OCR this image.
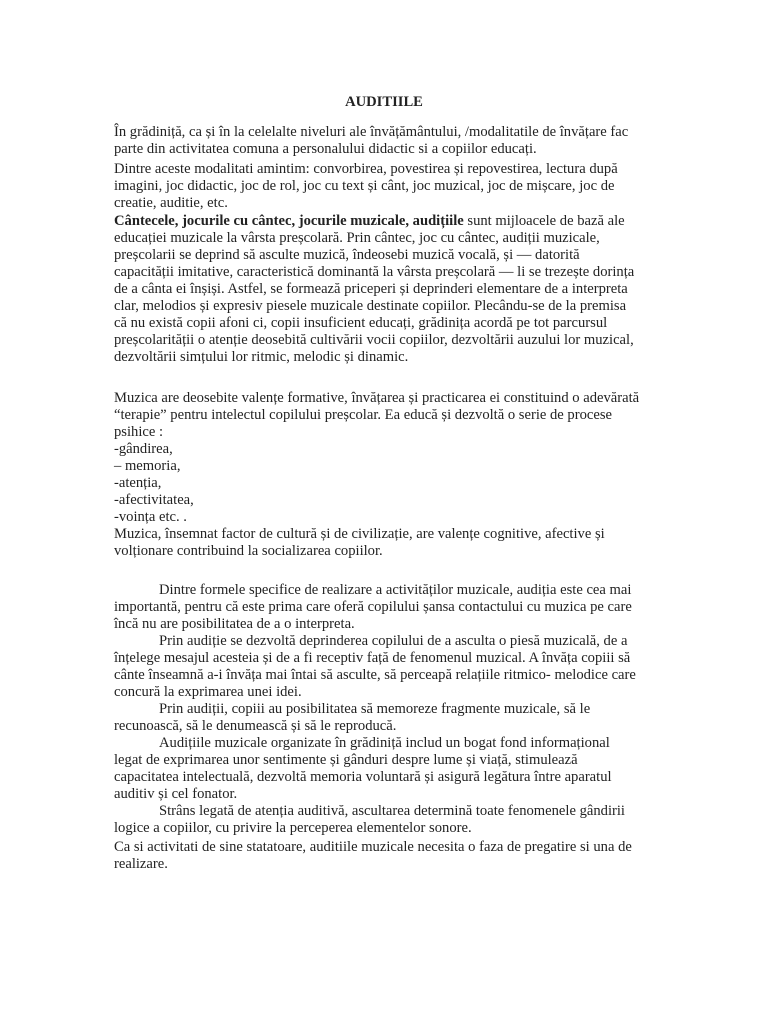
AUDITIILE
În grădiniță, ca și în la celelalte niveluri ale învățământului, /modalitatile de învățare fac
parte din activitatea comuna a personalului didactic si a copiilor educați.
Dintre aceste modalitati amintim: convorbirea, povestirea și repovestirea, lectura după
imagini, joc didactic, joc de rol, joc cu text și cânt, joc muzical, joc de mișcare, joc de
creatie, auditie, etc.
Cântecele, jocurile cu cântec, jocurile muzicale, audițiile sunt mijloacele de bază ale
educației muzicale la vârsta preșcolară. Prin cântec, joc cu cântec, audiții muzicale,
preșcolarii se deprind să asculte muzică, îndeosebi muzică vocală, și — datorită
capacității imitative, caracteristică dominantă la vârsta preșcolară — li se trezește dorința
de a cânta ei înșiși. Astfel, se formează priceperi și deprinderi elementare de a interpreta
clar, melodios și expresiv piesele muzicale destinate copiilor. Plecându-se de la premisa
că nu există copii afoni ci, copii insuficient educați, grădinița acordă pe tot parcursul
preșcolarității o atenție deosebită cultivării vocii copiilor, dezvoltării auzului lor muzical,
dezvoltării simțului lor ritmic, melodic și dinamic.
Muzica are deosebite valențe formative, învățarea și practicarea ei constituind o adevărată
“terapie” pentru intelectul copilului preșcolar. Ea educă și dezvoltă o serie de procese
psihice :
-gândirea,
– memoria,
-atenția,
-afectivitatea,
-voința etc. .
Muzica, însemnat factor de cultură și de civilizație, are valențe cognitive, afective și
volționare contribuind la socializarea copiilor.
Dintre formele specifice de realizare a activităților muzicale, audiția este cea mai
importantă, pentru că este prima care oferă copilului șansa contactului cu muzica pe care
încă nu are posibilitatea de a o interpreta.
Prin audiție se dezvoltă deprinderea copilului de a asculta o piesă muzicală, de a
înțelege mesajul acesteia și de a fi receptiv față de fenomenul muzical. A învăța copiii să
cânte înseamnă a-i învăța mai întai să asculte, să perceapă relațiile ritmico- melodice care
concură la exprimarea unei idei.
Prin audiții, copiii au posibilitatea să memoreze fragmente muzicale, să le
recunoască, să le denumească și să le reproducă.
Audițiile muzicale organizate în grădiniță includ un bogat fond informațional
legat de exprimarea unor sentimente și gânduri despre lume și viață, stimulează
capacitatea intelectuală, dezvoltă memoria voluntară și asigură legătura între aparatul
auditiv și cel fonator.
Strâns legată de atenția auditivă, ascultarea determină toate fenomenele gândirii
logice a copiilor, cu privire la perceperea elementelor sonore.
Ca si activitati de sine statatoare, auditiile muzicale necesita o faza de pregatire si una de
realizare.
